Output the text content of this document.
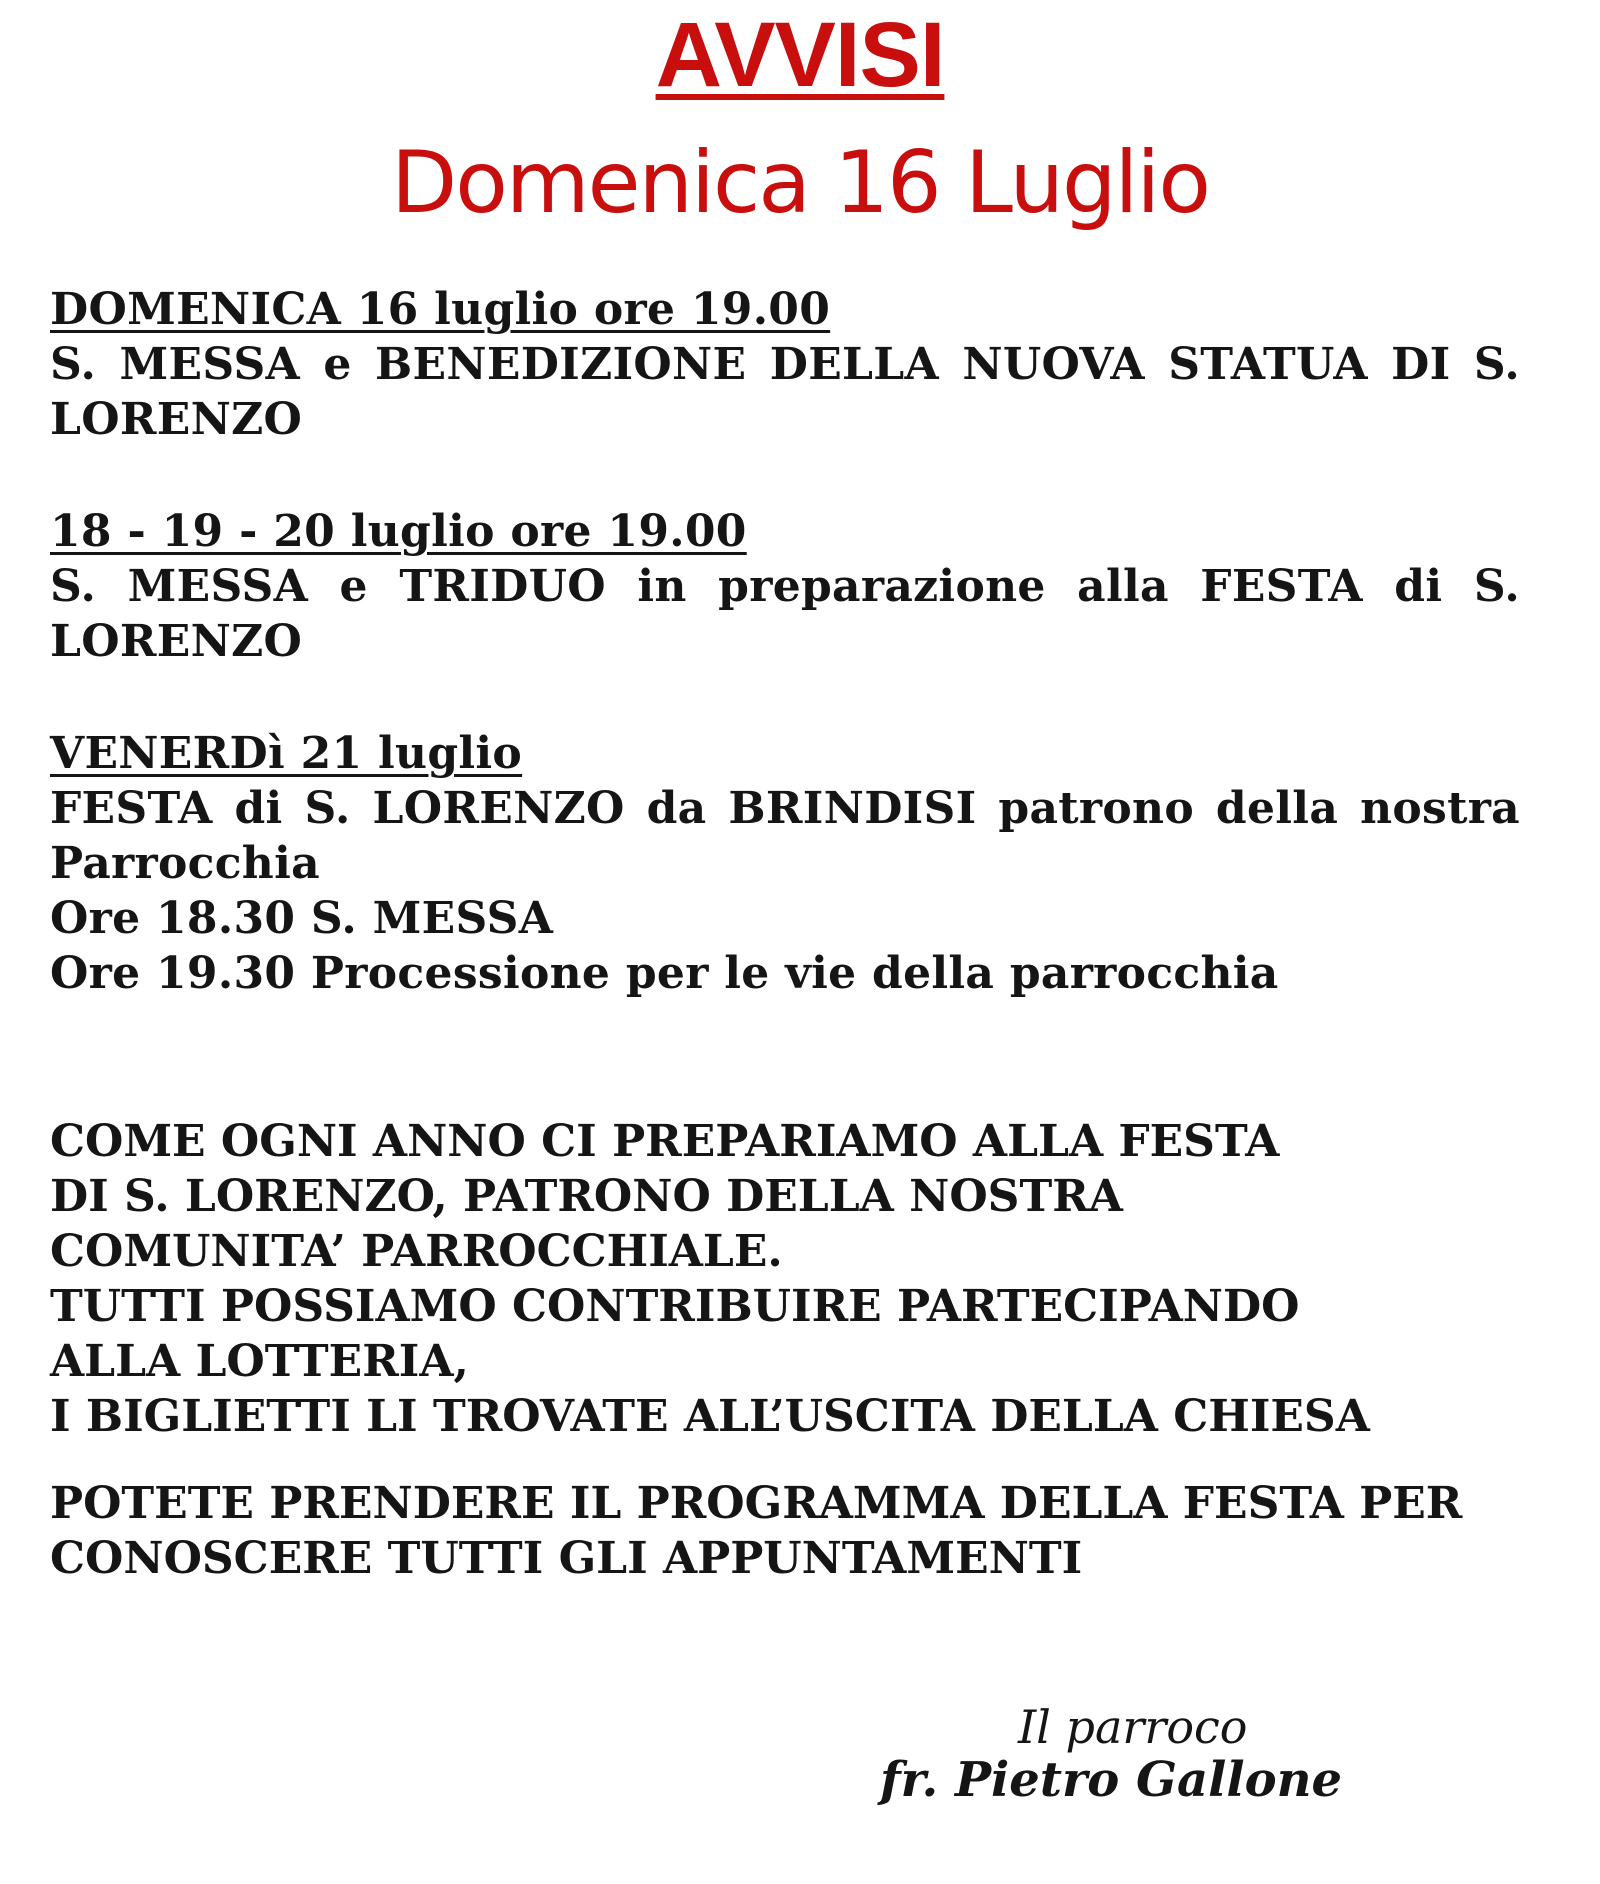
AVVISI
Domenica 16 Luglio
DOMENICA 16 luglio ore 19.00
S. MESSA e BENEDIZIONE DELLA NUOVA STATUA DI S.
LORENZO
18 - 19 - 20 luglio ore 19.00
S. MESSA e TRIDUO in preparazione alla FESTA di S.
LORENZO
VENERDì 21 luglio
FESTA di S. LORENZO da BRINDISI patrono della nostra
Parrocchia
Ore 18.30 S. MESSA
Ore 19.30 Processione per le vie della parrocchia
COME OGNI ANNO CI PREPARIAMO ALLA FESTA
DI S. LORENZO, PATRONO DELLA NOSTRA
COMUNITA’ PARROCCHIALE.
TUTTI POSSIAMO CONTRIBUIRE PARTECIPANDO
ALLA LOTTERIA,
I BIGLIETTI LI TROVATE ALL’USCITA DELLA CHIESA
POTETE PRENDERE IL PROGRAMMA DELLA FESTA PER
CONOSCERE TUTTI GLI APPUNTAMENTI
Il parroco
fr. Pietro Gallone
